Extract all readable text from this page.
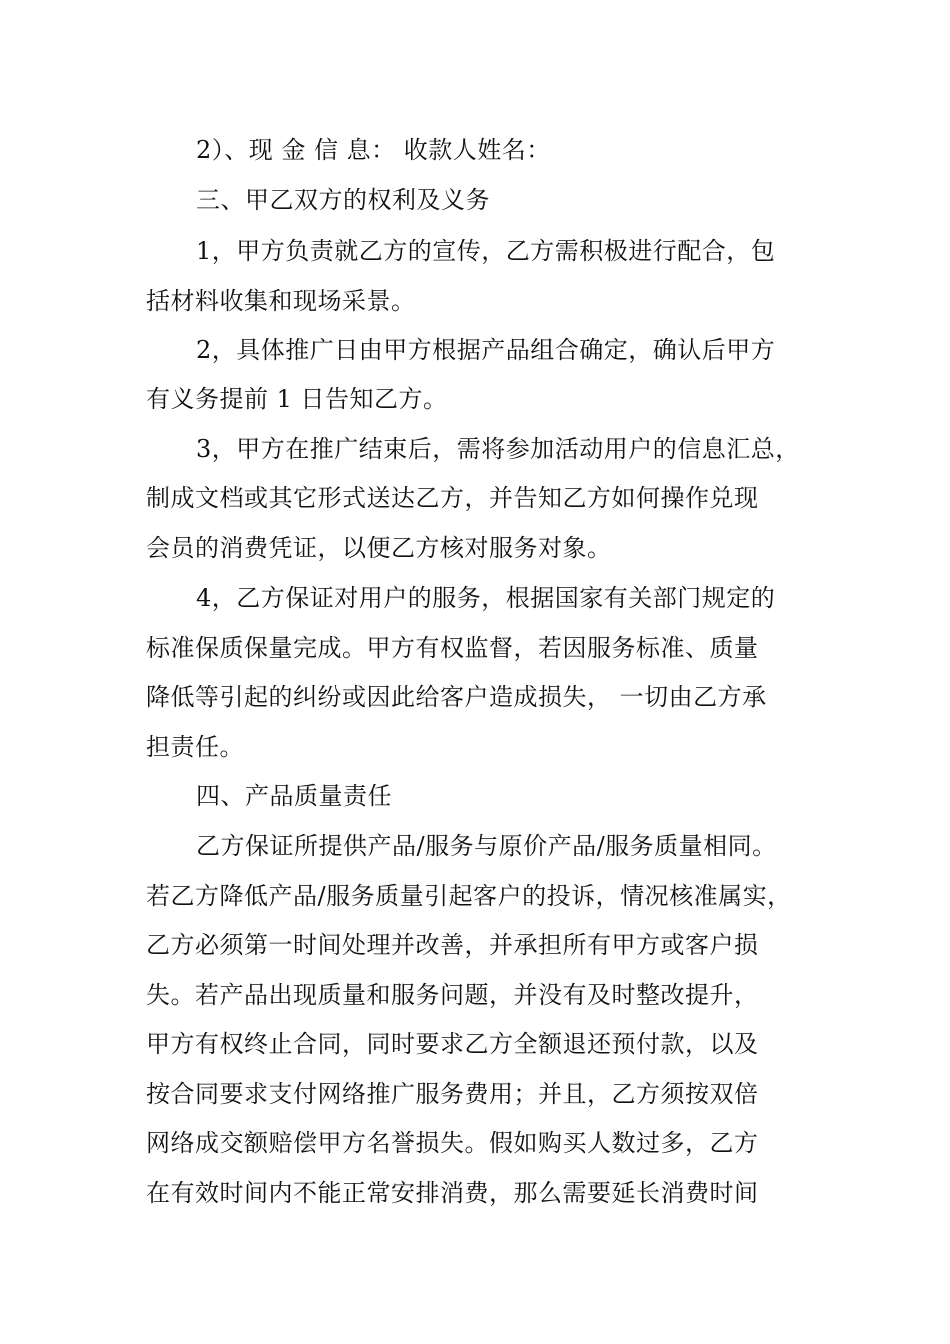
2）、现 金 信 息： 收款人姓名：
三、甲乙双方的权利及义务
1，甲方负责就乙方的宣传，乙方需积极进行配合，包
括材料收集和现场采景。
2，具体推广日由甲方根据产品组合确定，确认后甲方
有义务提前 1 日告知乙方。
3，甲方在推广结束后，需将参加活动用户的信息汇总，
制成文档或其它形式送达乙方，并告知乙方如何操作兑现
会员的消费凭证，以便乙方核对服务对象。
4，乙方保证对用户的服务，根据国家有关部门规定的
标准保质保量完成。甲方有权监督，若因服务标准、质量
降低等引起的纠纷或因此给客户造成损失， 一切由乙方承
担责任。
四、产品质量责任
乙方保证所提供产品/服务与原价产品/服务质量相同。
若乙方降低产品/服务质量引起客户的投诉，情况核准属实，
乙方必须第一时间处理并改善，并承担所有甲方或客户损
失。若产品出现质量和服务问题，并没有及时整改提升，
甲方有权终止合同，同时要求乙方全额退还预付款，以及
按合同要求支付网络推广服务费用；并且，乙方须按双倍
网络成交额赔偿甲方名誉损失。假如购买人数过多，乙方
在有效时间内不能正常安排消费，那么需要延长消费时间
